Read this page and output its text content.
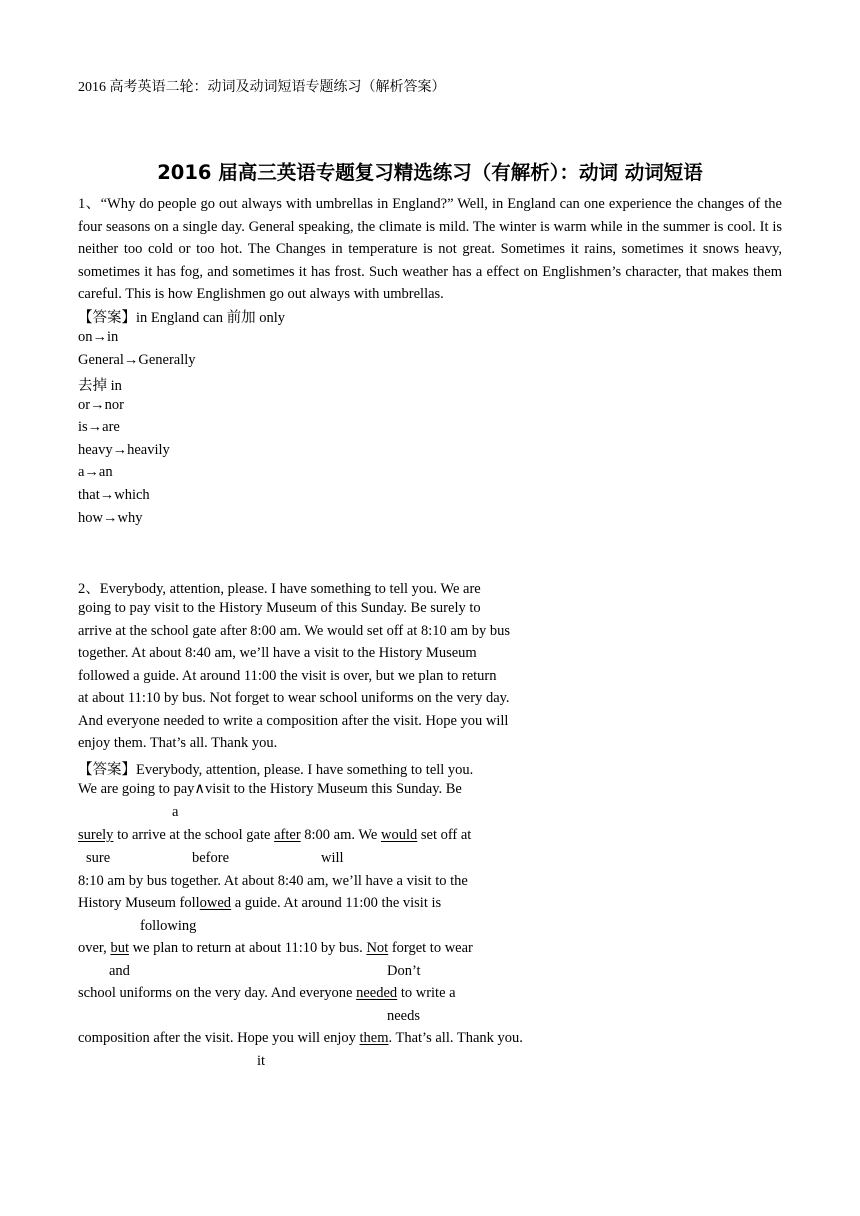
2016 高考英语二轮：动词及动词短语专题练习（解析答案）
2016 届高三英语专题复习精选练习（有解析）：动词 动词短语
1、“Why do people go out always with umbrellas in England?” Well, in England can one experience the changes of the four seasons on a single day. General speaking, the climate is mild. The winter is warm while in the summer is cool. It is neither too cold or too hot. The Changes in temperature is not great. Sometimes it rains, sometimes it snows heavy, sometimes it has fog, and sometimes it has frost. Such weather has a effect on Englishmen’s character, that makes them careful. This is how Englishmen go out always with umbrellas.
【答案】in England can 前加 only
on→in
General→Generally
去掉 in
or→nor
is→are
heavy→heavily
a→an
that→which
how→why
2、Everybody, attention, please. I have something to tell you. We are
going to pay visit to the History Museum of this Sunday. Be surely to
arrive at the school gate after 8:00 am. We would set off at 8:10 am by bus
together. At about 8:40 am, we’ll have a visit to the History Museum
followed a guide. At around 11:00 the visit is over, but we plan to return
at about 11:10 by bus. Not forget to wear school uniforms on the very day.
And everyone needed to write a composition after the visit. Hope you will
enjoy them. That’s all. Thank you.
【答案】Everybody, attention, please. I have something to tell you.
We are going to pay∧visit to the History Museum this Sunday. Be
a
surely to arrive at the school gate after 8:00 am. We would set off at
sure	before	will
8:10 am by bus together. At about 8:40 am, we’ll have a visit to the
History Museum followed a guide. At around 11:00 the visit is
following
over, but we plan to return at about 11:10 by bus. Not forget to wear
and	Don’t
school uniforms on the very day. And everyone needed to write a
needs
composition after the visit. Hope you will enjoy them. That’s all. Thank you.
it
